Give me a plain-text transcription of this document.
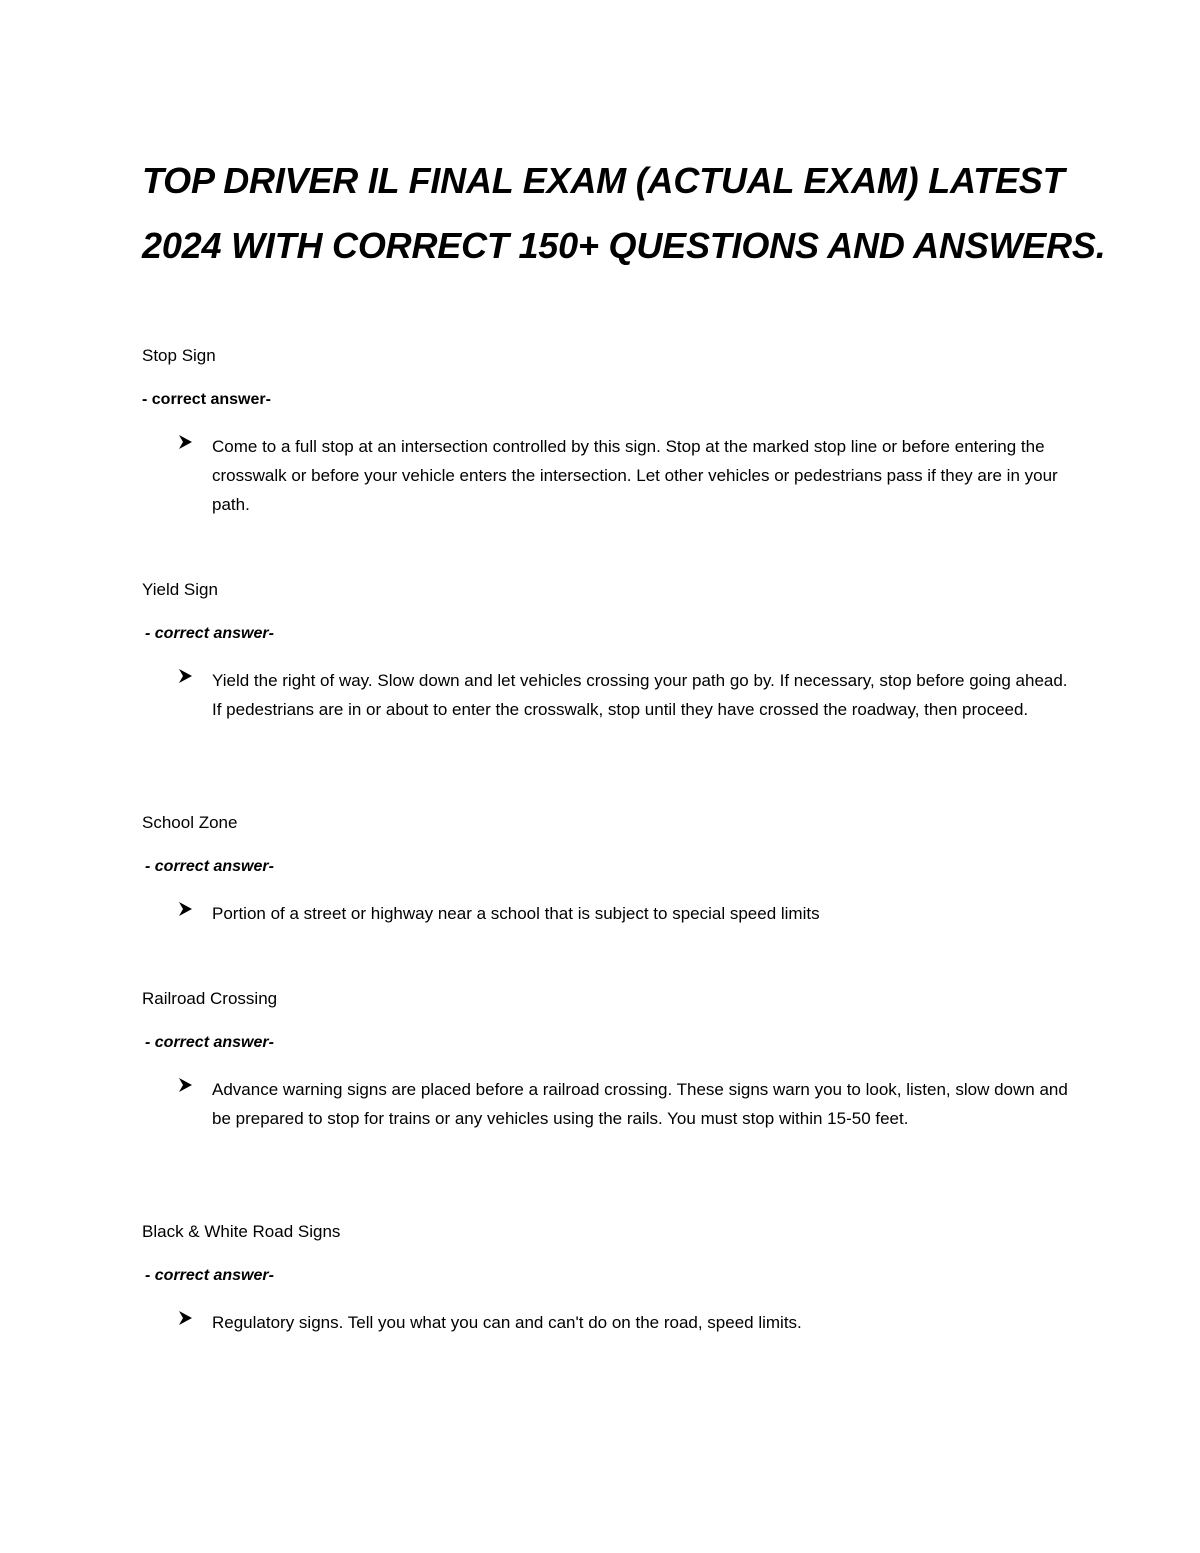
TOP DRIVER IL FINAL EXAM (ACTUAL EXAM) LATEST 2024 WITH CORRECT 150+ QUESTIONS AND ANSWERS.

Stop Sign

- correct answer-

Come to a full stop at an intersection controlled by this sign. Stop at the marked stop line or before entering the crosswalk or before your vehicle enters the intersection. Let other vehicles or pedestrians pass if they are in your path.

Yield Sign

- correct answer-

Yield the right of way. Slow down and let vehicles crossing your path go by. If necessary, stop before going ahead. If pedestrians are in or about to enter the crosswalk, stop until they have crossed the roadway, then proceed.

School Zone

- correct answer-

Portion of a street or highway near a school that is subject to special speed limits

Railroad Crossing

- correct answer-

Advance warning signs are placed before a railroad crossing. These signs warn you to look, listen, slow down and be prepared to stop for trains or any vehicles using the rails. You must stop within 15-50 feet.

Black & White Road Signs

- correct answer-

Regulatory signs. Tell you what you can and can't do on the road, speed limits.
